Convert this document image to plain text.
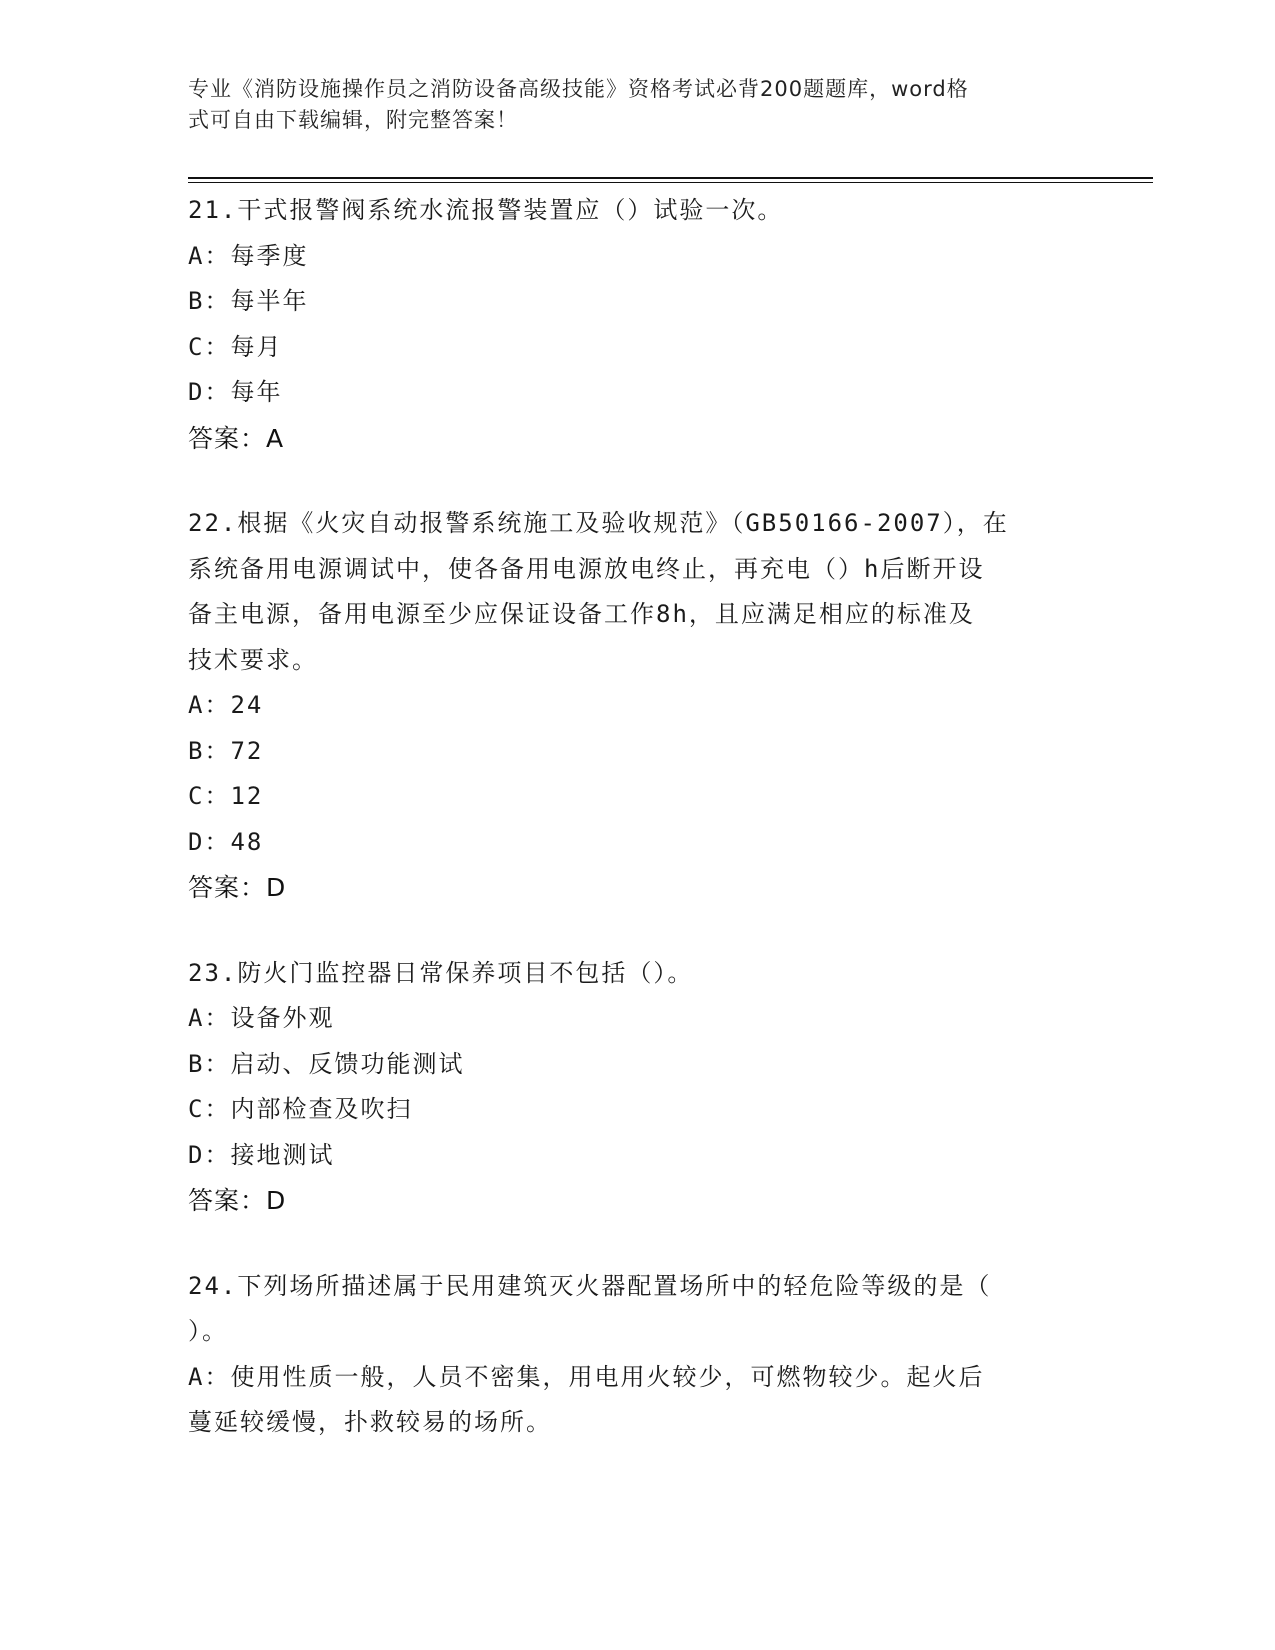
专业《消防设施操作员之消防设备高级技能》资格考试必背200题题库，word格
式可自由下载编辑，附完整答案！
21.干式报警阀系统水流报警装置应（）试验一次。
A：每季度
B：每半年
C：每月
D：每年
答案：A
22.根据《火灾自动报警系统施工及验收规范》（GB50166-2007），在
系统备用电源调试中，使各备用电源放电终止，再充电（）h后断开设
备主电源，备用电源至少应保证设备工作8h，且应满足相应的标准及
技术要求。
A：24
B：72
C：12
D：48
答案：D
23.防火门监控器日常保养项目不包括（）。
A：设备外观
B：启动、反馈功能测试
C：内部检查及吹扫
D：接地测试
答案：D
24.下列场所描述属于民用建筑灭火器配置场所中的轻危险等级的是（
）。
A：使用性质一般，人员不密集，用电用火较少，可燃物较少。起火后
蔓延较缓慢，扑救较易的场所。
